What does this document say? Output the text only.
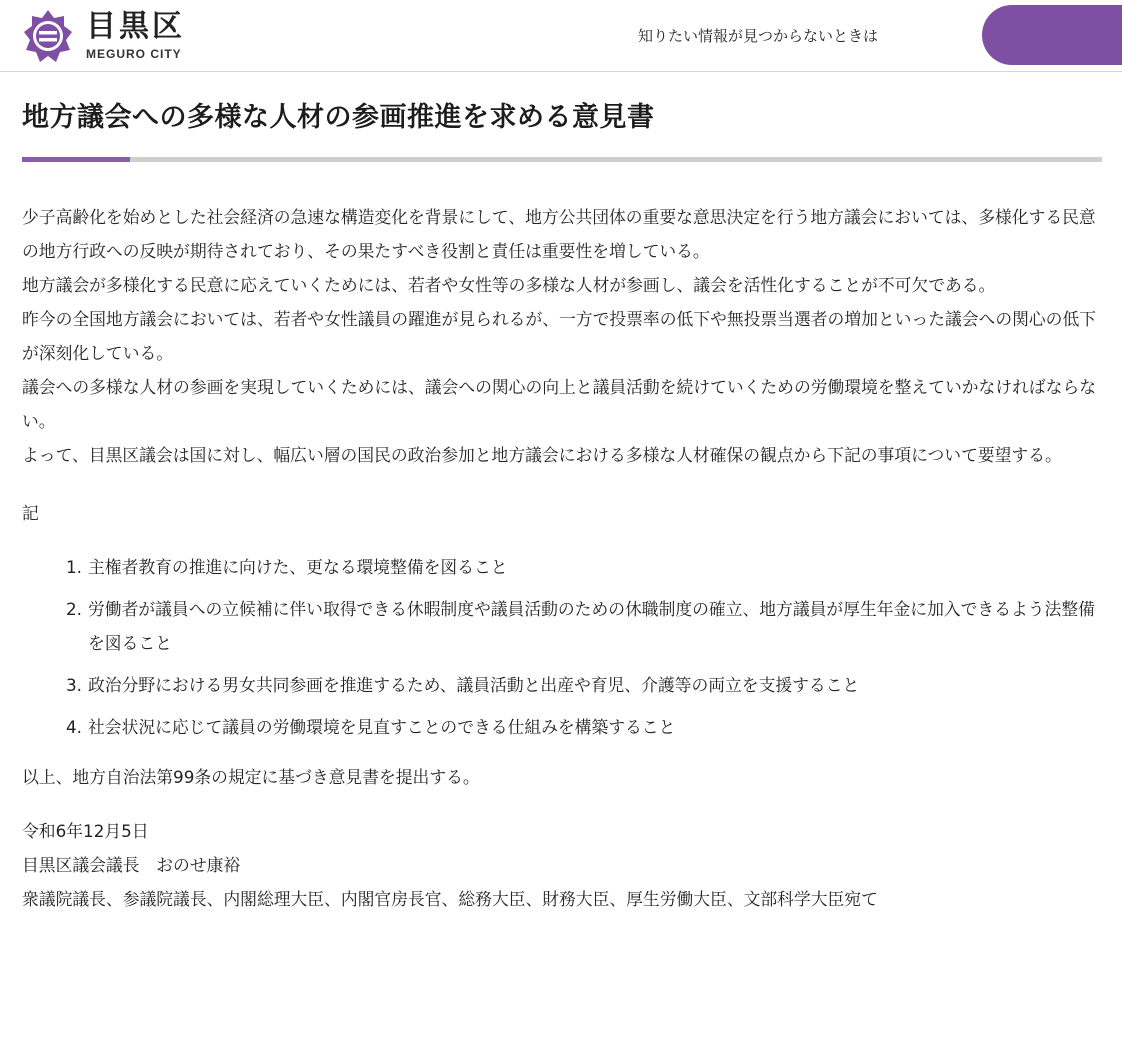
目黒区
MEGURO CITY
知りたい情報が見つからないときは
地方議会への多様な人材の参画推進を求める意見書

少子高齢化を始めとした社会経済の急速な構造変化を背景にして、地方公共団体の重要な意思決定を行う地方議会においては、多様化する民意の地方行政への反映が期待されており、その果たすべき役割と責任は重要性を増している。

地方議会が多様化する民意に応えていくためには、若者や女性等の多様な人材が参画し、議会を活性化することが不可欠である。

昨今の全国地方議会においては、若者や女性議員の躍進が見られるが、一方で投票率の低下や無投票当選者の増加といった議会への関心の低下が深刻化している。

議会への多様な人材の参画を実現していくためには、議会への関心の向上と議員活動を続けていくための労働環境を整えていかなければならない。

よって、目黒区議会は国に対し、幅広い層の国民の政治参加と地方議会における多様な人材確保の観点から下記の事項について要望する。

記

1. 主権者教育の推進に向けた、更なる環境整備を図ること
2. 労働者が議員への立候補に伴い取得できる休暇制度や議員活動のための休職制度の確立、地方議員が厚生年金に加入できるよう法整備を図ること
3. 政治分野における男女共同参画を推進するため、議員活動と出産や育児、介護等の両立を支援すること
4. 社会状況に応じて議員の労働環境を見直すことのできる仕組みを構築すること

以上、地方自治法第99条の規定に基づき意見書を提出する。

令和6年12月5日

目黒区議会議長　おのせ康裕

衆議院議長、参議院議長、内閣総理大臣、内閣官房長官、総務大臣、財務大臣、厚生労働大臣、文部科学大臣宛て
